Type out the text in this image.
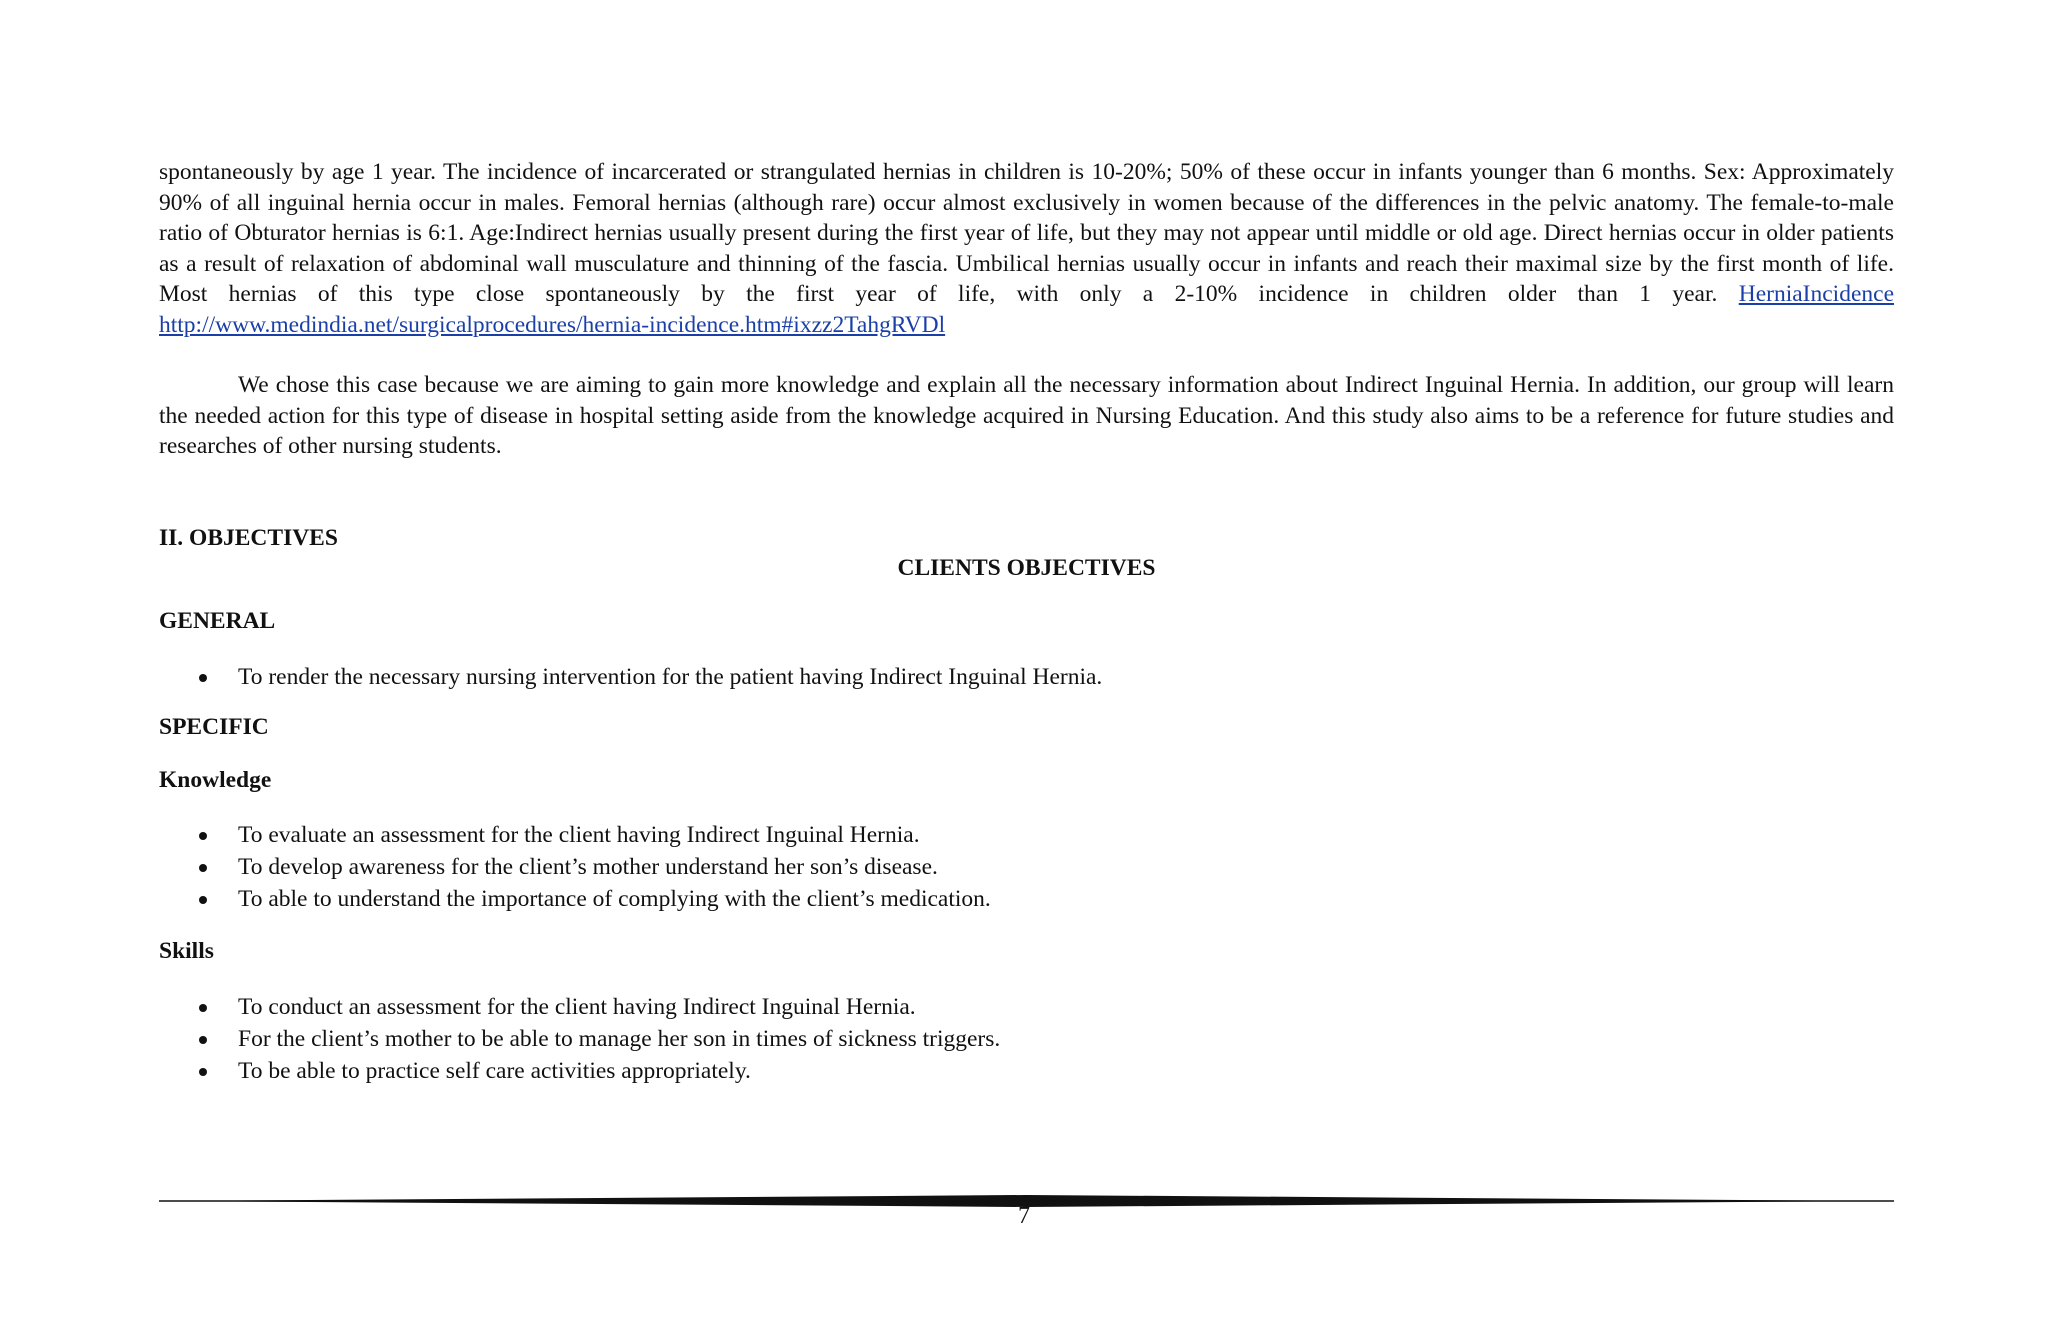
spontaneously by age 1 year. The incidence of incarcerated or strangulated hernias in children is 10-20%; 50% of these occur in infants younger than 6 months. Sex: Approximately 90% of all inguinal hernia occur in males. Femoral hernias (although rare) occur almost exclusively in women because of the differences in the pelvic anatomy. The female-to-male ratio of Obturator hernias is 6:1. Age:Indirect hernias usually present during the first year of life, but they may not appear until middle or old age. Direct hernias occur in older patients as a result of relaxation of abdominal wall musculature and thinning of the fascia. Umbilical hernias usually occur in infants and reach their maximal size by the first month of life. Most hernias of this type close spontaneously by the first year of life, with only a 2-10% incidence in children older than 1 year. HerniaIncidence http://www.medindia.net/surgicalprocedures/hernia-incidence.htm#ixzz2TahgRVDl

We chose this case because we are aiming to gain more knowledge and explain all the necessary information about Indirect Inguinal Hernia. In addition, our group will learn the needed action for this type of disease in hospital setting aside from the knowledge acquired in Nursing Education. And this study also aims to be a reference for future studies and researches of other nursing students.

II. OBJECTIVES
CLIENTS OBJECTIVES
GENERAL
To render the necessary nursing intervention for the patient having Indirect Inguinal Hernia.
SPECIFIC
Knowledge
To evaluate an assessment for the client having Indirect Inguinal Hernia.
To develop awareness for the client’s mother understand her son’s disease.
To able to understand the importance of complying with the client’s medication.
Skills
To conduct an assessment for the client having Indirect Inguinal Hernia.
For the client’s mother to be able to manage her son in times of sickness triggers.
To be able to practice self care activities appropriately.
7
